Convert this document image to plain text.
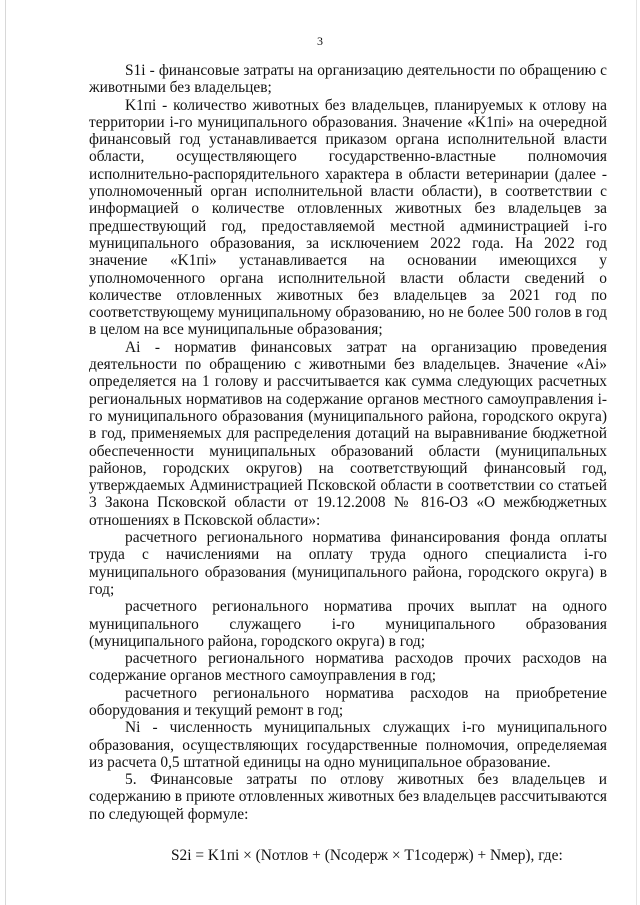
3

S1i - финансовые затраты на организацию деятельности по обращению с животными без владельцев;

K1пi - количество животных без владельцев, планируемых к отлову на территории i-го муниципального образования. Значение «K1пi» на очередной финансовый год устанавливается приказом органа исполнительной власти области, осуществляющего государственно-властные полномочия исполнительно-распорядительного характера в области ветеринарии (далее - уполномоченный орган исполнительной власти области), в соответствии с информацией о количестве отловленных животных без владельцев за предшествующий год, предоставляемой местной администрацией i-го муниципального образования, за исключением 2022 года. На 2022 год значение «K1пi» устанавливается на основании имеющихся у уполномоченного органа исполнительной власти области сведений о количестве отловленных животных без владельцев за 2021 год по соответствующему муниципальному образованию, но не более 500 голов в год в целом на все муниципальные образования;

Ai - норматив финансовых затрат на организацию проведения деятельности по обращению с животными без владельцев. Значение «Ai» определяется на 1 голову и рассчитывается как сумма следующих расчетных региональных нормативов на содержание органов местного самоуправления i-го муниципального образования (муниципального района, городского округа) в год, применяемых для распределения дотаций на выравнивание бюджетной обеспеченности муниципальных образований области (муниципальных районов, городских округов) на соответствующий финансовый год, утверждаемых Администрацией Псковской области в соответствии со статьей 3 Закона Псковской области от 19.12.2008 № 816-ОЗ «О межбюджетных отношениях в Псковской области»:

расчетного регионального норматива финансирования фонда оплаты труда с начислениями на оплату труда одного специалиста i-го муниципального образования (муниципального района, городского округа) в год;

расчетного регионального норматива прочих выплат на одного муниципального служащего i-го муниципального образования (муниципального района, городского округа) в год;

расчетного регионального норматива расходов прочих расходов на содержание органов местного самоуправления в год;

расчетного регионального норматива расходов на приобретение оборудования и текущий ремонт в год;

Ni - численность муниципальных служащих i-го муниципального образования, осуществляющих государственные полномочия, определяемая из расчета 0,5 штатной единицы на одно муниципальное образование.

5. Финансовые затраты по отлову животных без владельцев и содержанию в приюте отловленных животных без владельцев рассчитываются по следующей формуле:

S2i = K1пi × (Nотлов + (Nсодерж × T1содерж) + Nмер), где:
